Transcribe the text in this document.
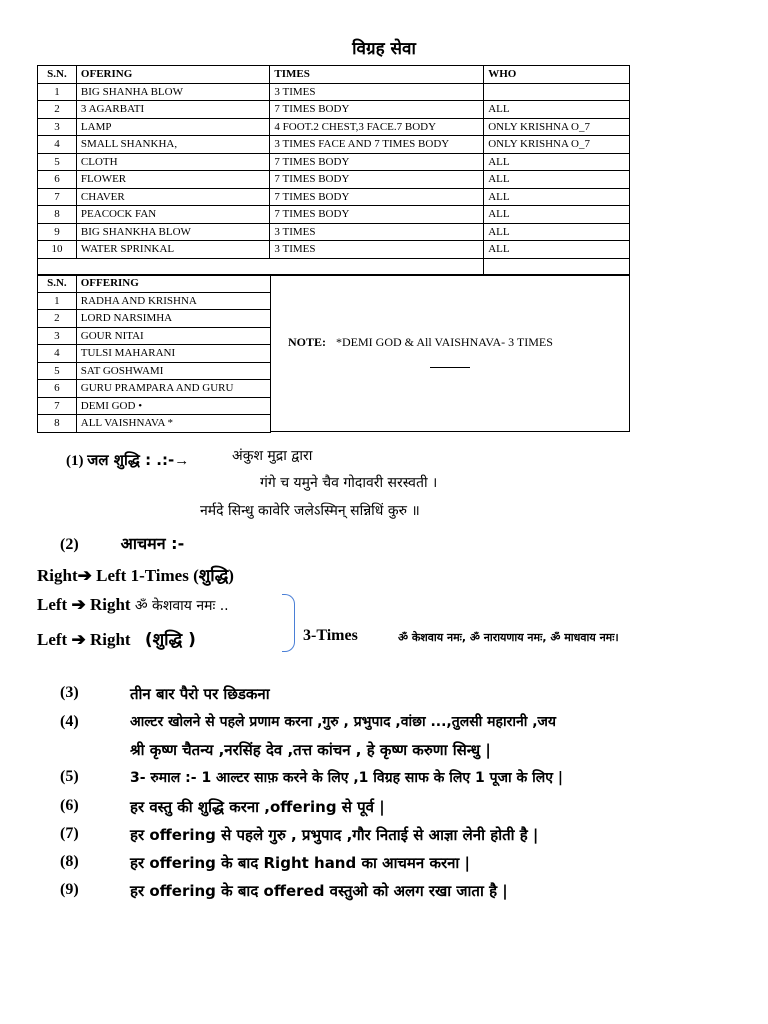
विग्रह सेवा
S.N.	OFERING	TIMES	WHO
1	BIG SHANHA BLOW	3 TIMES	
2	3 AGARBATI	7 TIMES BODY	ALL
3	LAMP	4 FOOT.2 CHEST,3 FACE.7 BODY	ONLY KRISHNA O_7
4	SMALL SHANKHA,	3 TIMES FACE AND 7 TIMES BODY	ONLY KRISHNA O_7
5	CLOTH	7 TIMES BODY	ALL
6	FLOWER	7 TIMES BODY	ALL
7	CHAVER	7 TIMES BODY	ALL
8	PEACOCK FAN	7 TIMES BODY	ALL
9	BIG SHANKHA BLOW	3 TIMES	ALL
10	WATER SPRINKAL	3 TIMES	ALL

S.N.	OFFERING
1	RADHA AND KRISHNA
2	LORD NARSIMHA
3	GOUR NITAI
4	TULSI MAHARANI
5	SAT GOSHWAMI
6	GURU PRAMPARA AND GURU
7	DEMI GOD •
8	ALL VAISHNAVA *
NOTE: *DEMI GOD & All VAISHNAVA- 3 TIMES
(1) जल शुद्धि : .:-→	अंकुश मुद्रा द्वारा
गंगे च यमुने चैव गोदावरी सरस्वती ।
नर्मदे सिन्धु कावेरि जलेऽस्मिन् सन्निधिं कुरु ॥
(2)	आचमन :-
Right➔ Left 1-Times (शुद्धि)
Left ➔ Right ॐ केशवाय नमः ..
Left ➔ Right (शुद्धि )	3-Times	ॐ केशवाय नमः, ॐ नारायणाय नमः, ॐ माधवाय नमः।
(3)	तीन बार पैरो पर छिडकना
(4)	आल्टर खोलने से पहले प्रणाम करना ,गुरु , प्रभुपाद ,वांछा ...,तुलसी महारानी ,जय
श्री कृष्ण चैतन्य ,नरसिंह देव ,तत्त कांचन , हे कृष्ण करुणा सिन्धु |
(5)	3- रुमाल :- 1 आल्टर साफ़ करने के लिए ,1 विग्रह साफ के लिए 1 पूजा के लिए |
(6)	हर वस्तु की शुद्धि करना ,offering से पूर्व |
(7)	हर offering से पहले गुरु , प्रभुपाद ,गौर निताई से आज्ञा लेनी होती है |
(8)	हर offering के बाद Right hand का आचमन करना |
(9)	हर offering के बाद offered वस्तुओ को अलग रखा जाता है |
